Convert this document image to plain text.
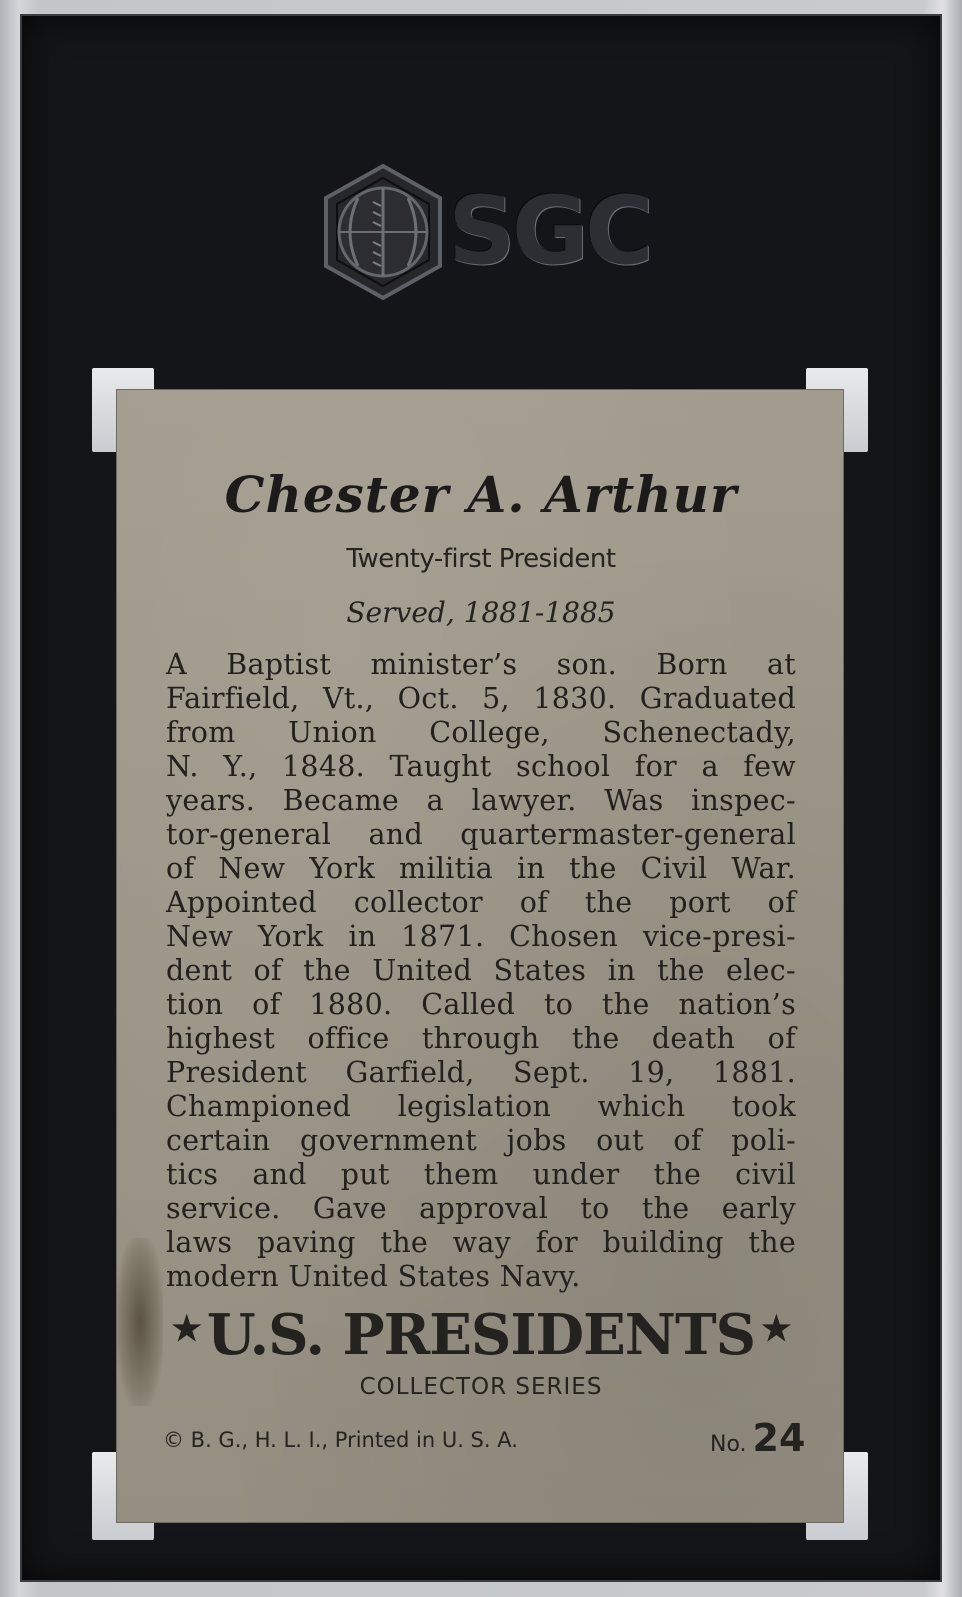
SGC
Chester A. Arthur
Twenty-first President
Served, 1881-1885
A Baptist minister’s son. Born at
Fairfield, Vt., Oct. 5, 1830. Graduated
from Union College, Schenectady,
N. Y., 1848. Taught school for a few
years. Became a lawyer. Was inspec-
tor-general and quartermaster-general
of New York militia in the Civil War.
Appointed collector of the port of
New York in 1871. Chosen vice-presi-
dent of the United States in the elec-
tion of 1880. Called to the nation’s
highest office through the death of
President Garfield, Sept. 19, 1881.
Championed legislation which took
certain government jobs out of poli-
tics and put them under the civil
service. Gave approval to the early
laws paving the way for building the
modern United States Navy.
★ U.S. PRESIDENTS ★
COLLECTOR SERIES
© B. G., H. L. I., Printed in U. S. A.	No. 24
